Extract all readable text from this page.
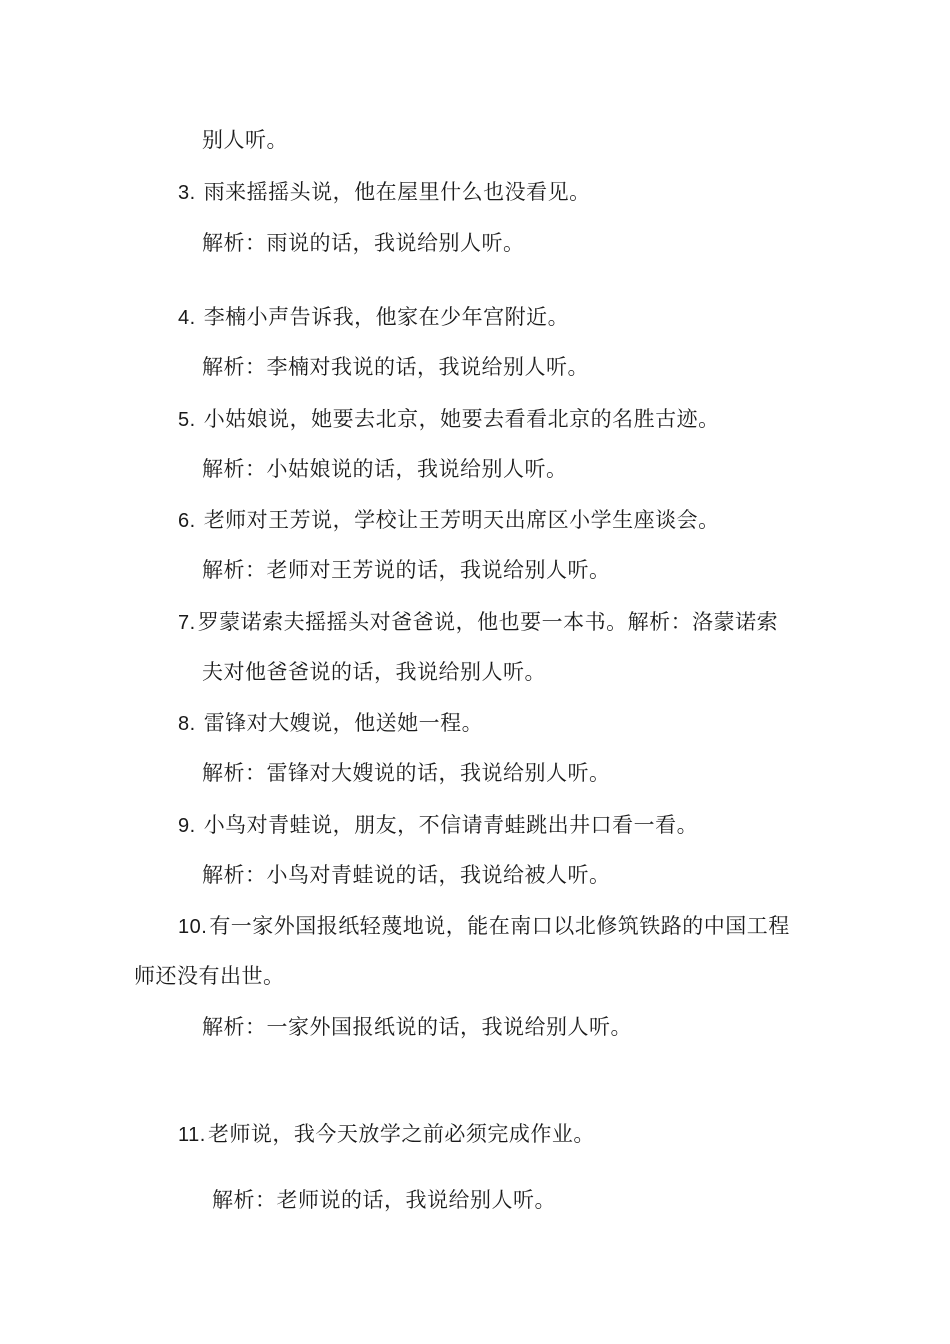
别人听。
3. 雨来摇摇头说，他在屋里什么也没看见。
解析：雨说的话，我说给别人听。
4. 李楠小声告诉我，他家在少年宫附近。
解析：李楠对我说的话，我说给别人听。
5. 小姑娘说，她要去北京，她要去看看北京的名胜古迹。
解析：小姑娘说的话，我说给别人听。
6. 老师对王芳说，学校让王芳明天出席区小学生座谈会。
解析：老师对王芳说的话，我说给别人听。
7.罗蒙诺索夫摇摇头对爸爸说，他也要一本书。解析：洛蒙诺索
夫对他爸爸说的话，我说给别人听。
8. 雷锋对大嫂说，他送她一程。
解析：雷锋对大嫂说的话，我说给别人听。
9. 小鸟对青蛙说，朋友，不信请青蛙跳出井口看一看。
解析：小鸟对青蛙说的话，我说给被人听。
10.有一家外国报纸轻蔑地说，能在南口以北修筑铁路的中国工程
师还没有出世。
解析：一家外国报纸说的话，我说给别人听。
11.老师说，我今天放学之前必须完成作业。
解析：老师说的话，我说给别人听。
